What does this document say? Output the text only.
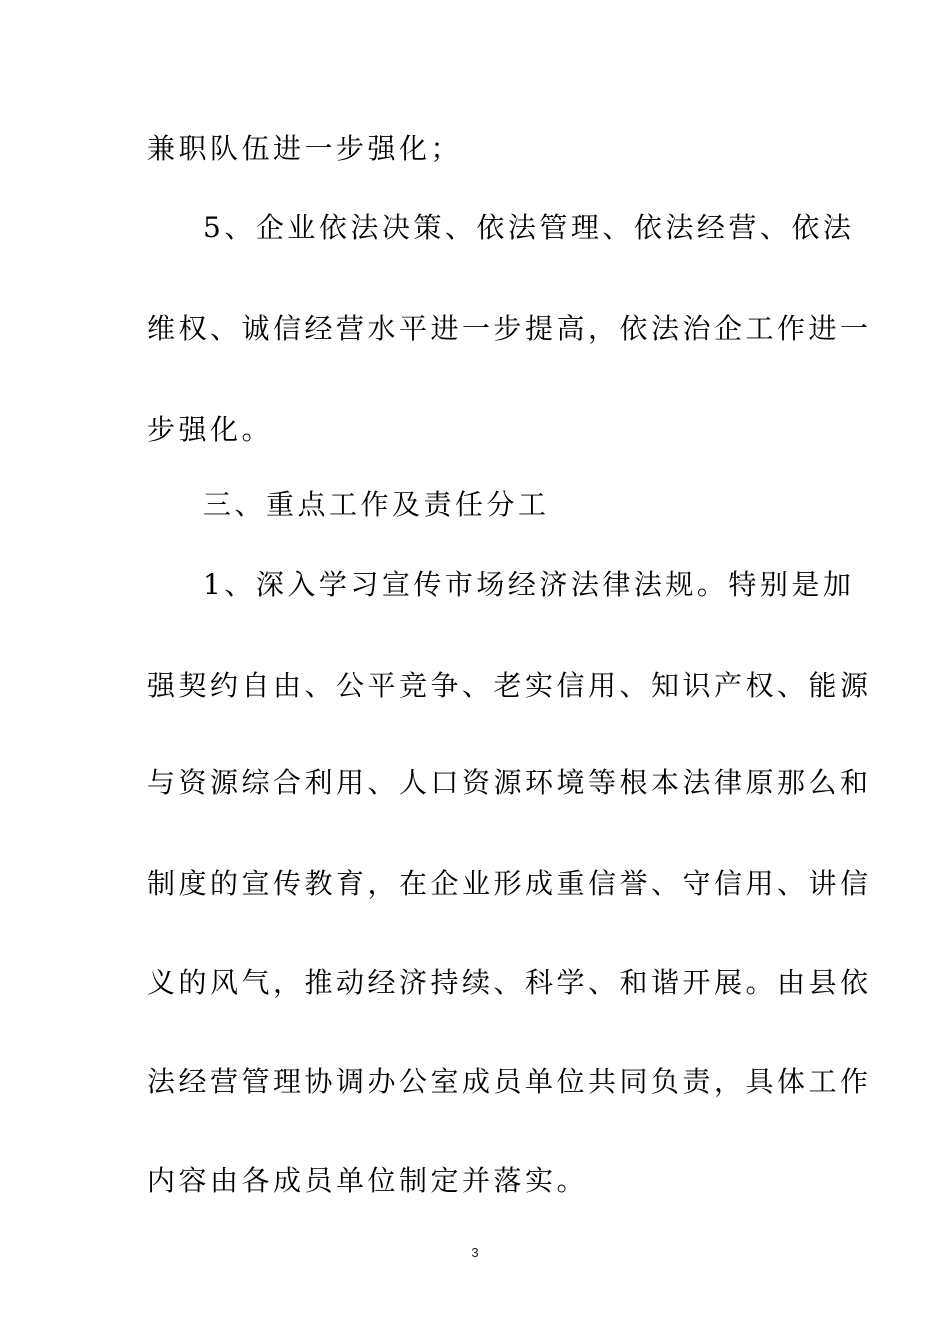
兼职队伍进一步强化；
5、企业依法决策、依法管理、依法经营、依法
维权、诚信经营水平进一步提高，依法治企工作进一
步强化。
三、重点工作及责任分工
1、深入学习宣传市场经济法律法规。特别是加
强契约自由、公平竞争、老实信用、知识产权、能源
与资源综合利用、人口资源环境等根本法律原那么和
制度的宣传教育，在企业形成重信誉、守信用、讲信
义的风气，推动经济持续、科学、和谐开展。由县依
法经营管理协调办公室成员单位共同负责，具体工作
内容由各成员单位制定并落实。
3
